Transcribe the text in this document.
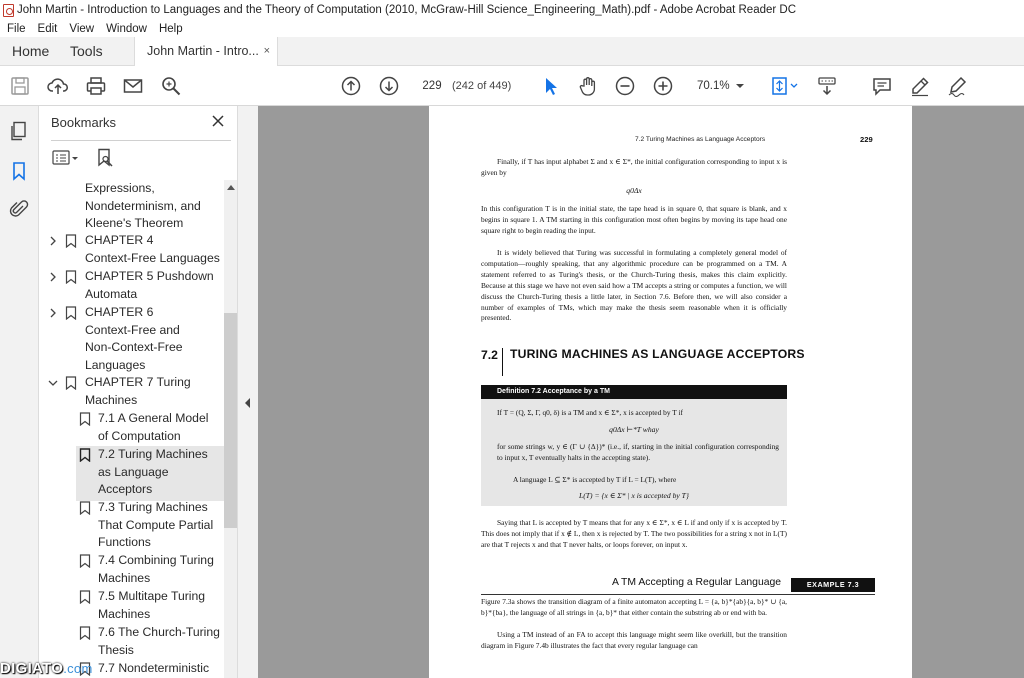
John Martin - Introduction to Languages and the Theory of Computation (2010, McGraw-Hill Science_Engineering_Math).pdf - Adobe Acrobat Reader DC
File Edit View Window Help
Home Tools	John Martin - Intro... ×
229 (242 of 449)	70.1%
Bookmarks
Expressions,
Nondeterminism, and
Kleene's Theorem
CHAPTER 4
Context-Free Languages
CHAPTER 5 Pushdown
Automata
CHAPTER 6
Context-Free and
Non-Context-Free
Languages
CHAPTER 7 Turing
Machines
7.1 A General Model
of Computation
7.2 Turing Machines
as Language
Acceptors
7.3 Turing Machines
That Compute Partial
Functions
7.4 Combining Turing
Machines
7.5 Multitape Turing
Machines
7.6 The Church-Turing
Thesis
7.7 Nondeterministic
7.2 Turing Machines as Language Acceptors	229
Finally, if T has input alphabet Σ and x ∈ Σ*, the initial configuration corresponding to input x is given by
q0Δx
In this configuration T is in the initial state, the tape head is in square 0, that square is blank, and x begins in square 1. A TM starting in this configuration most often begins by moving its tape head one square right to begin reading the input.
It is widely believed that Turing was successful in formulating a completely general model of computation—roughly speaking, that any algorithmic procedure can be programmed on a TM. A statement referred to as Turing's thesis, or the Church-Turing thesis, makes this claim explicitly. Because at this stage we have not even said how a TM accepts a string or computes a function, we will discuss the Church-Turing thesis a little later, in Section 7.6. Before then, we will also consider a number of examples of TMs, which may make the thesis seem reasonable when it is officially presented.
7.2 TURING MACHINES AS LANGUAGE ACCEPTORS
Definition 7.2 Acceptance by a TM
If T = (Q, Σ, Γ, q0, δ) is a TM and x ∈ Σ*, x is accepted by T if
q0Δx ⊢*T whay
for some strings w, y ∈ (Γ ∪ {Δ})* (i.e., if, starting in the initial configuration corresponding to input x, T eventually halts in the accepting state).
A language L ⊆ Σ* is accepted by T if L = L(T), where
L(T) = {x ∈ Σ* | x is accepted by T}
Saying that L is accepted by T means that for any x ∈ Σ*, x ∈ L if and only if x is accepted by T. This does not imply that if x ∉ L, then x is rejected by T. The two possibilities for a string x not in L(T) are that T rejects x and that T never halts, or loops forever, on input x.
A TM Accepting a Regular Language	EXAMPLE 7.3
Figure 7.3a shows the transition diagram of a finite automaton accepting L = {a, b}*{ab}{a, b}* ∪ {a, b}*{ba}, the language of all strings in {a, b}* that either contain the substring ab or end with ba.
Using a TM instead of an FA to accept this language might seem like overkill, but the transition diagram in Figure 7.4b illustrates the fact that every regular language can
DIGIATO.com
